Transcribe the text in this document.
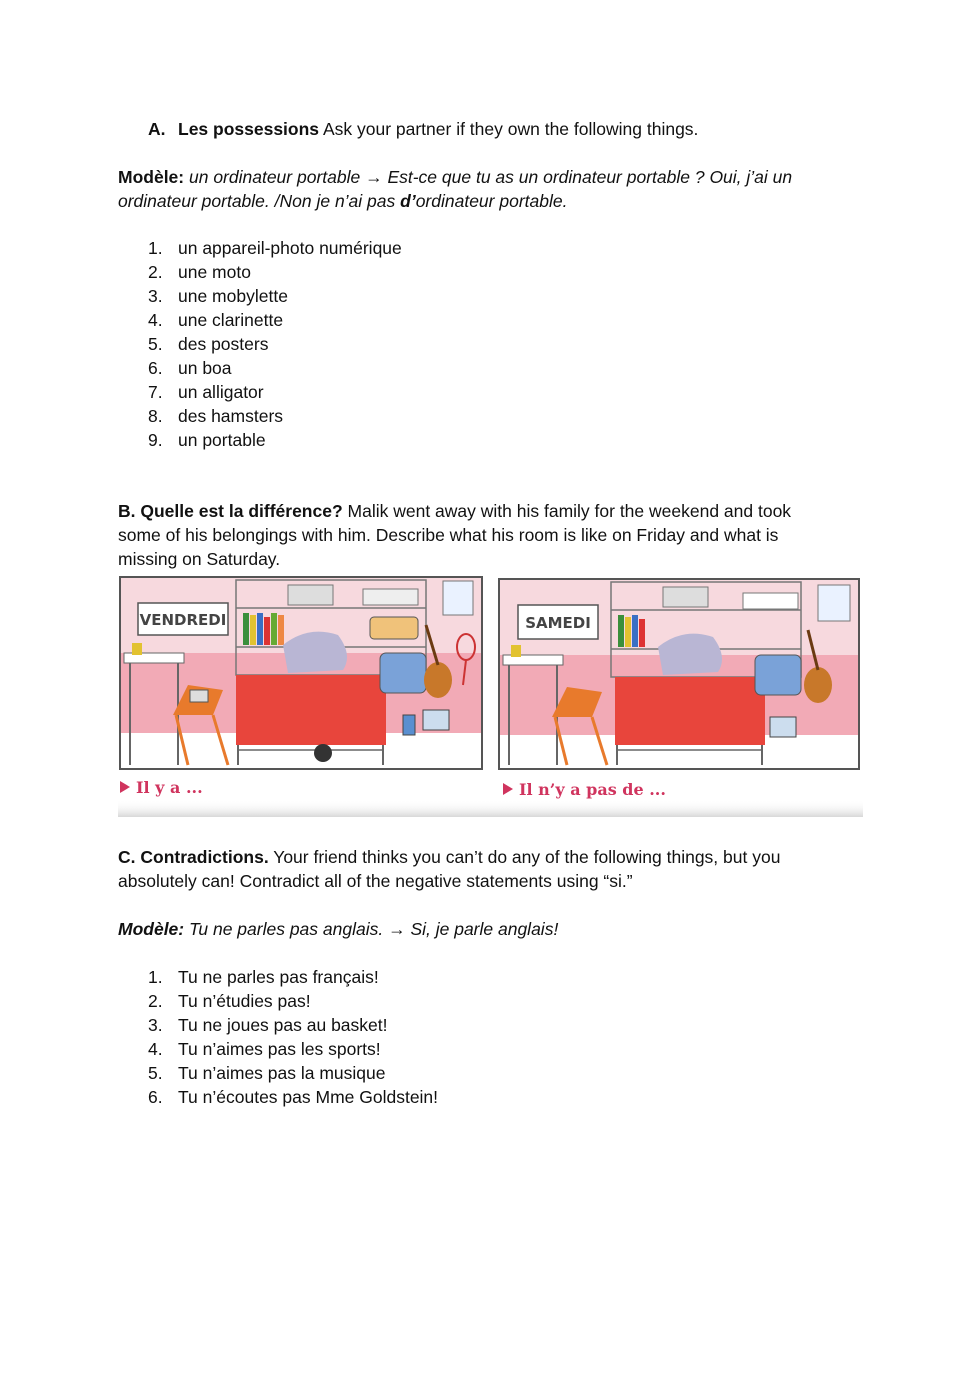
A. Les possessions Ask your partner if they own the following things.
Modèle: un ordinateur portable → Est-ce que tu as un ordinateur portable ? Oui, j’ai un ordinateur portable. /Non je n’ai pas d’ordinateur portable.
1. un appareil-photo numérique
2. une moto
3. une mobylette
4. une clarinette
5. des posters
6. un boa
7. un alligator
8. des hamsters
9. un portable
B. Quelle est la différence? Malik went away with his family for the weekend and took some of his belongings with him. Describe what his room is like on Friday and what is missing on Saturday.
VENDREDI
Il y a ...
SAMEDI
Il n’y a pas de ...
C. Contradictions. Your friend thinks you can’t do any of the following things, but you absolutely can! Contradict all of the negative statements using “si.”
Modèle: Tu ne parles pas anglais. → Si, je parle anglais!
1. Tu ne parles pas français!
2. Tu n’étudies pas!
3. Tu ne joues pas au basket!
4. Tu n’aimes pas les sports!
5. Tu n’aimes pas la musique
6. Tu n’écoutes pas Mme Goldstein!
